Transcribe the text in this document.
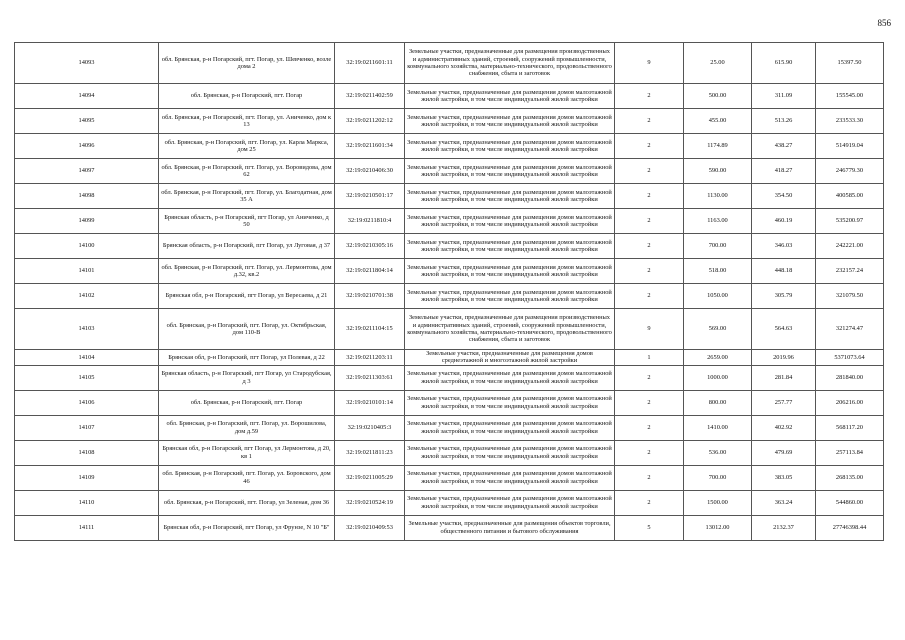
856
14093	обл. Брянская, р-н Погарский, пгт. Погар, ул. Шевченко, возле дома 2	32:19:0211601:11	Земельные участки, предназначенные для размещения производственных и административных зданий, строений, сооружений промышленности, коммунального хозяйства, материально-технического, продовольственного снабжения, сбыта и заготовок	9	25.00	615.90	15397.50
14094	обл. Брянская, р-н Погарский, пгт. Погар	32:19:0211402:59	Земельные участки, предназначенные для размещения домов малоэтажной жилой застройки, в том числе индивидуальной жилой застройки	2	500.00	311.09	155545.00
14095	обл. Брянская, р-н Погарский, пгт. Погар, ул. Аниченко, дом к 13	32:19:0211202:12	Земельные участки, предназначенные для размещения домов малоэтажной жилой застройки, в том числе индивидуальной жилой застройки	2	455.00	513.26	233533.30
14096	обл. Брянская, р-н Погарский, пгт. Погар, ул. Карла Маркса, дом 25	32:19:0211601:34	Земельные участки, предназначенные для размещения домов малоэтажной жилой застройки, в том числе индивидуальной жилой застройки	2	1174.89	438.27	514919.04
14097	обл. Брянская, р-н Погарский, пгт. Погар, ул. Воровидова, дом 62	32:19:0210406:30	Земельные участки, предназначенные для размещения домов малоэтажной жилой застройки, в том числе индивидуальной жилой застройки	2	590.00	418.27	246779.30
14098	обл. Брянская, р-н Погарский, пгт. Погар, ул. Благодатная, дом 35 А	32:19:0210501:17	Земельные участки, предназначенные для размещения домов малоэтажной жилой застройки, в том числе индивидуальной жилой застройки	2	1130.00	354.50	400585.00
14099	Брянская область, р-н Погарский, пгт Погар, ул Аниченко, д 50	32:19:0211810:4	Земельные участки, предназначенные для размещения домов малоэтажной жилой застройки, в том числе индивидуальной жилой застройки	2	1163.00	460.19	535200.97
14100	Брянская область, р-н Погарский, пгт Погар, ул Луговая, д 37	32:19:0210305:16	Земельные участки, предназначенные для размещения домов малоэтажной жилой застройки, в том числе индивидуальной жилой застройки	2	700.00	346.03	242221.00
14101	обл. Брянская, р-н Погарский, пгт. Погар, ул. Лермонтова, дом д.32, кв.2	32:19:0211804:14	Земельные участки, предназначенные для размещения домов малоэтажной жилой застройки, в том числе индивидуальной жилой застройки	2	518.00	448.18	232157.24
14102	Брянская обл, р-н Погарский, пгт Погар, ул Вересаева, д 21	32:19:0210701:38	Земельные участки, предназначенные для размещения домов малоэтажной жилой застройки, в том числе индивидуальной жилой застройки	2	1050.00	305.79	321079.50
14103	обл. Брянская, р-н Погарский, пгт. Погар, ул. Октябрьская, дом 110-В	32:19:0211104:15	Земельные участки, предназначенные для размещения производственных и административных зданий, строений, сооружений промышленности, коммунального хозяйства, материально-технического, продовольственного снабжения, сбыта и заготовок	9	569.00	564.63	321274.47
14104	Брянская обл, р-н Погарский, пгт Погар, ул Полевая, д 22	32:19:0211203:11	Земельные участки, предназначенные для размещения домов среднеэтажной и многоэтажной жилой застройки	1	2659.00	2019.96	5371073.64
14105	Брянская область, р-н Погарский, пгт Погар, ул Стародубская, д 3	32:19:0211303:61	Земельные участки, предназначенные для размещения домов малоэтажной жилой застройки, в том числе индивидуальной жилой застройки	2	1000.00	281.84	281840.00
14106	обл. Брянская, р-н Погарский, пгт. Погар	32:19:0210101:14	Земельные участки, предназначенные для размещения домов малоэтажной жилой застройки, в том числе индивидуальной жилой застройки	2	800.00	257.77	206216.00
14107	обл. Брянская, р-н Погарский, пгт. Погар, ул. Ворошилова, дом д.59	32:19:0210405:3	Земельные участки, предназначенные для размещения домов малоэтажной жилой застройки, в том числе индивидуальной жилой застройки	2	1410.00	402.92	568117.20
14108	Брянская обл, р-н Погарский, пгт Погар, ул Лермонтова, д 20, кв 1	32:19:0211811:23	Земельные участки, предназначенные для размещения домов малоэтажной жилой застройки, в том числе индивидуальной жилой застройки	2	536.00	479.69	257113.84
14109	обл. Брянская, р-н Погарский, пгт. Погар, ул. Боровского, дом 46	32:19:0211005:29	Земельные участки, предназначенные для размещения домов малоэтажной жилой застройки, в том числе индивидуальной жилой застройки	2	700.00	383.05	268135.00
14110	обл. Брянская, р-н Погарский, пгт. Погар, ул Зеленая, дом 36	32:19:0210524:19	Земельные участки, предназначенные для размещения домов малоэтажной жилой застройки, в том числе индивидуальной жилой застройки	2	1500.00	363.24	544860.00
14111	Брянская обл, р-н Погарский, пгт Погар, ул Фрунзе, N 10 "Б"	32:19:0210409:53	Земельные участки, предназначенные для размещения объектов торговли, общественного питания и бытового обслуживания	5	13012.00	2132.37	27746398.44
